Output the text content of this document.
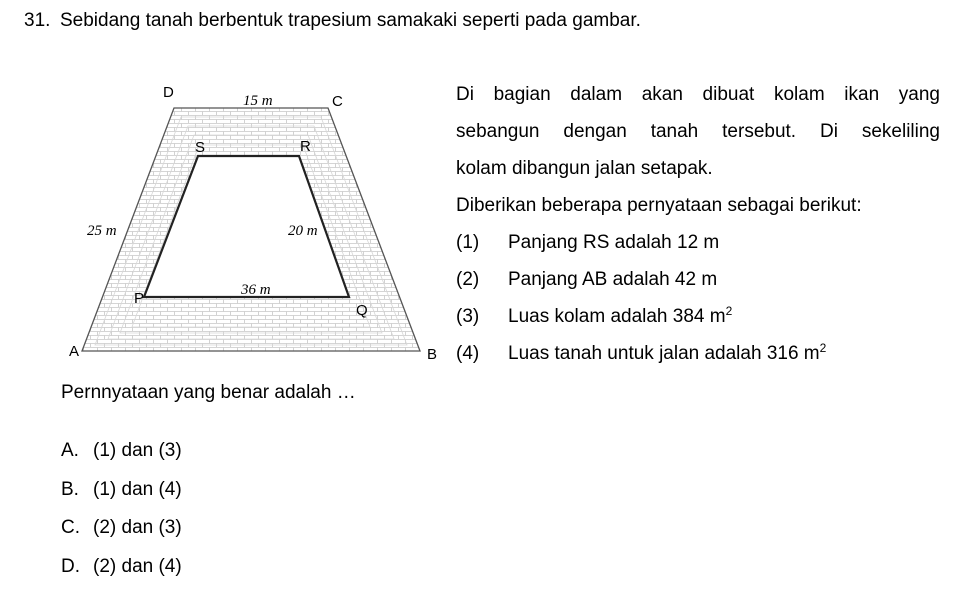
31. Sebidang tanah berbentuk trapesium samakaki seperti pada gambar.
A	B
C
D
P
Q
R
S
15 m
25 m	20 m
36 m

Di bagian dalam akan dibuat kolam ikan yang

sebangun dengan tanah tersebut. Di sekeliling

kolam dibangun jalan setapak.

Diberikan beberapa pernyataan sebagai berikut:

(1) Panjang RS adalah 12 m
(2) Panjang AB adalah 42 m
(3) Luas kolam adalah 384 $m^2$
(4) Luas tanah untuk jalan adalah 316 $m^2$
Pernnyataan yang benar adalah …
A. (1) dan (3)
B. (1) dan (4)
C. (2) dan (3)
D. (2) dan (4)
